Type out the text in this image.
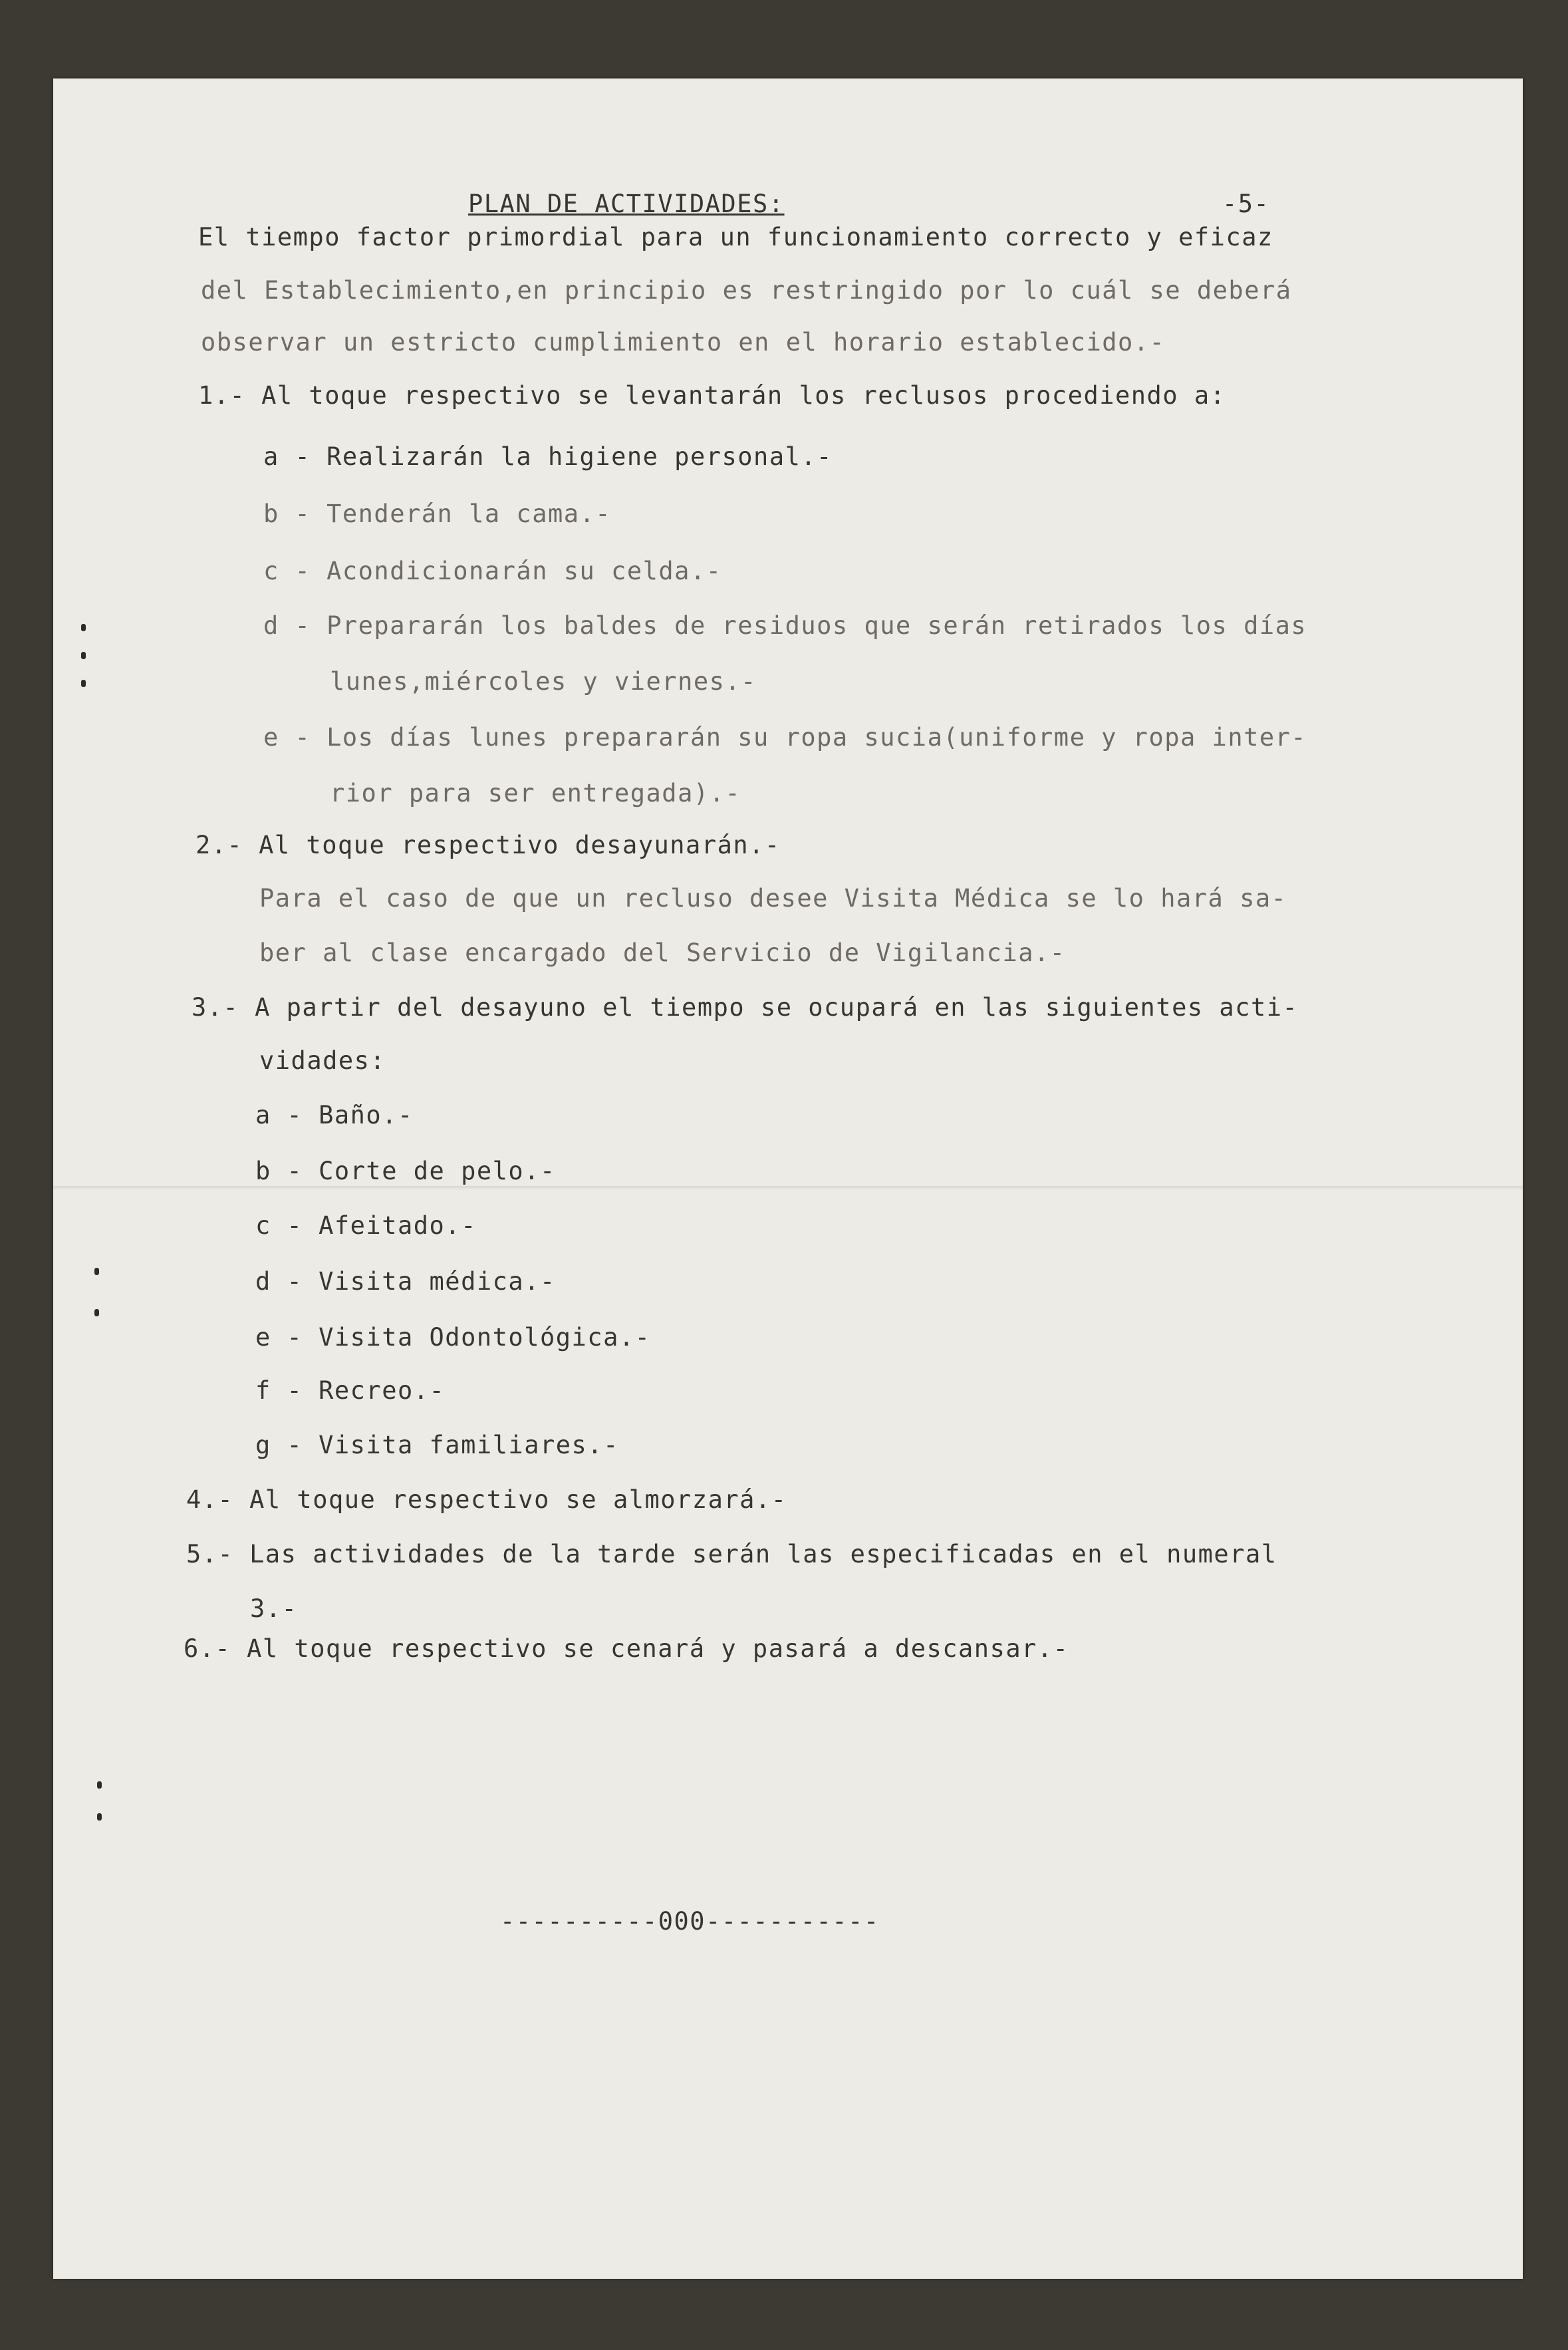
PLAN DE ACTIVIDADES:	-5-
El tiempo factor primordial para un funcionamiento correcto y eficaz
del Establecimiento,en principio es restringido por lo cuál se deberá
observar un estricto cumplimiento en el horario establecido.-
1.- Al toque respectivo se levantarán los reclusos procediendo a:
a - Realizarán la higiene personal.-
b - Tenderán la cama.-
c - Acondicionarán su celda.-
d - Prepararán los baldes de residuos que serán retirados los días
lunes,miércoles y viernes.-
e - Los días lunes prepararán su ropa sucia(uniforme y ropa inter-
rior para ser entregada).-
2.- Al toque respectivo desayunarán.-
Para el caso de que un recluso desee Visita Médica se lo hará sa-
ber al clase encargado del Servicio de Vigilancia.-
3.- A partir del desayuno el tiempo se ocupará en las siguientes acti-
vidades:
a - Baño.-
b - Corte de pelo.-
c - Afeitado.-
d - Visita médica.-
e - Visita Odontológica.-
f - Recreo.-
g - Visita familiares.-
4.- Al toque respectivo se almorzará.-
5.- Las actividades de la tarde serán las especificadas en el numeral
3.-
6.- Al toque respectivo se cenará y pasará a descansar.-
----------000-----------
